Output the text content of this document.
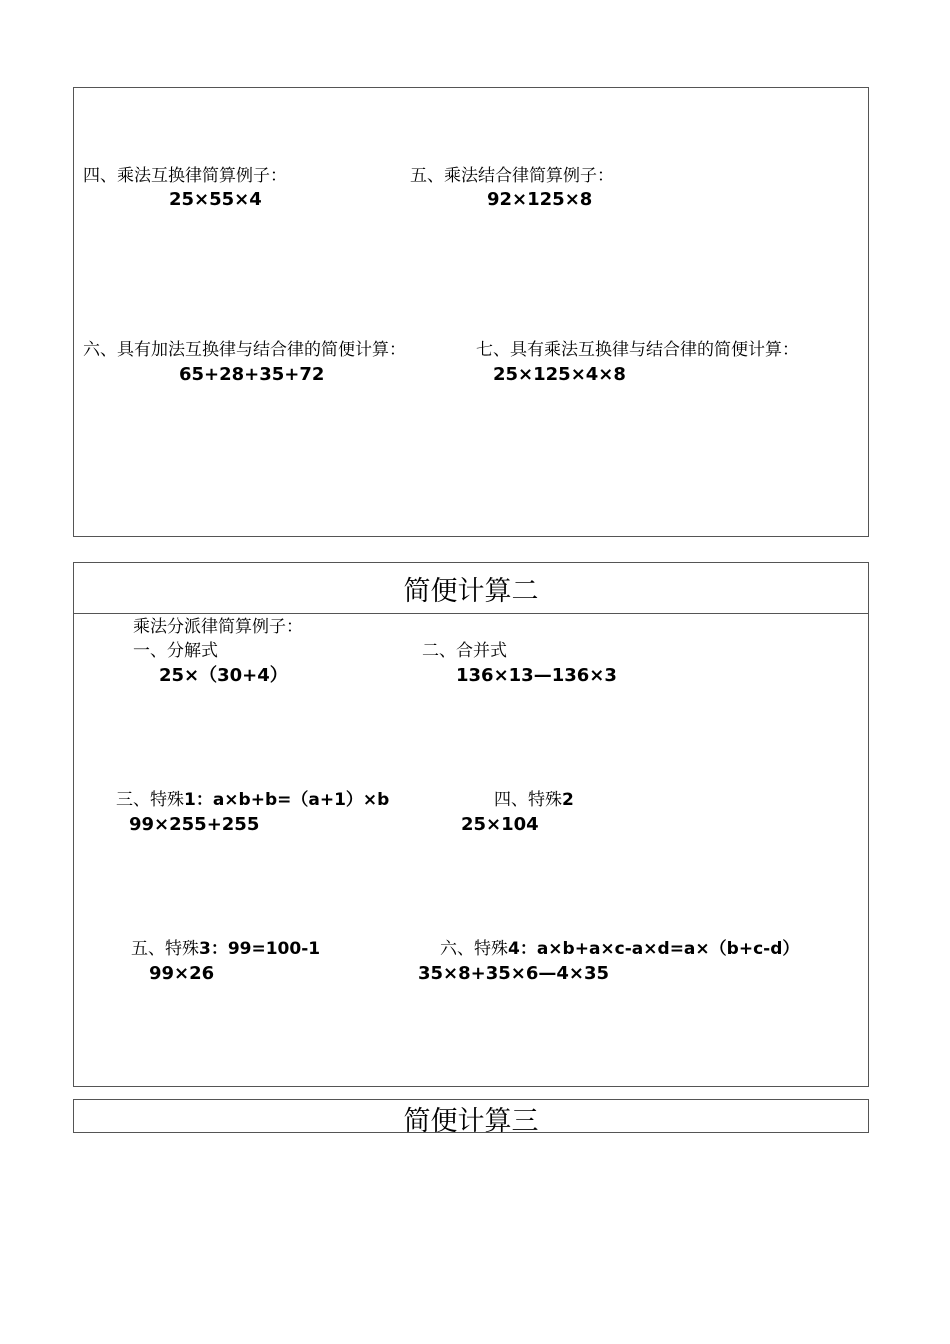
四、乘法互换律简算例子：
25×55×4
五、乘法结合律简算例子：
92×125×8
六、具有加法互换律与结合律的简便计算：
65+28+35+72
七、具有乘法互换律与结合律的简便计算：
25×125×4×8
简便计算二
乘法分派律简算例子：
一、分解式
25×（30+4）
二、合并式
136×13—136×3
三、特殊1：a×b+b=（a+1）×b
99×255+255
四、特殊2
25×104
五、特殊3：99=100-1
99×26
六、特殊4：a×b+a×c-a×d=a×（b+c-d）
35×8+35×6—4×35
简便计算三
